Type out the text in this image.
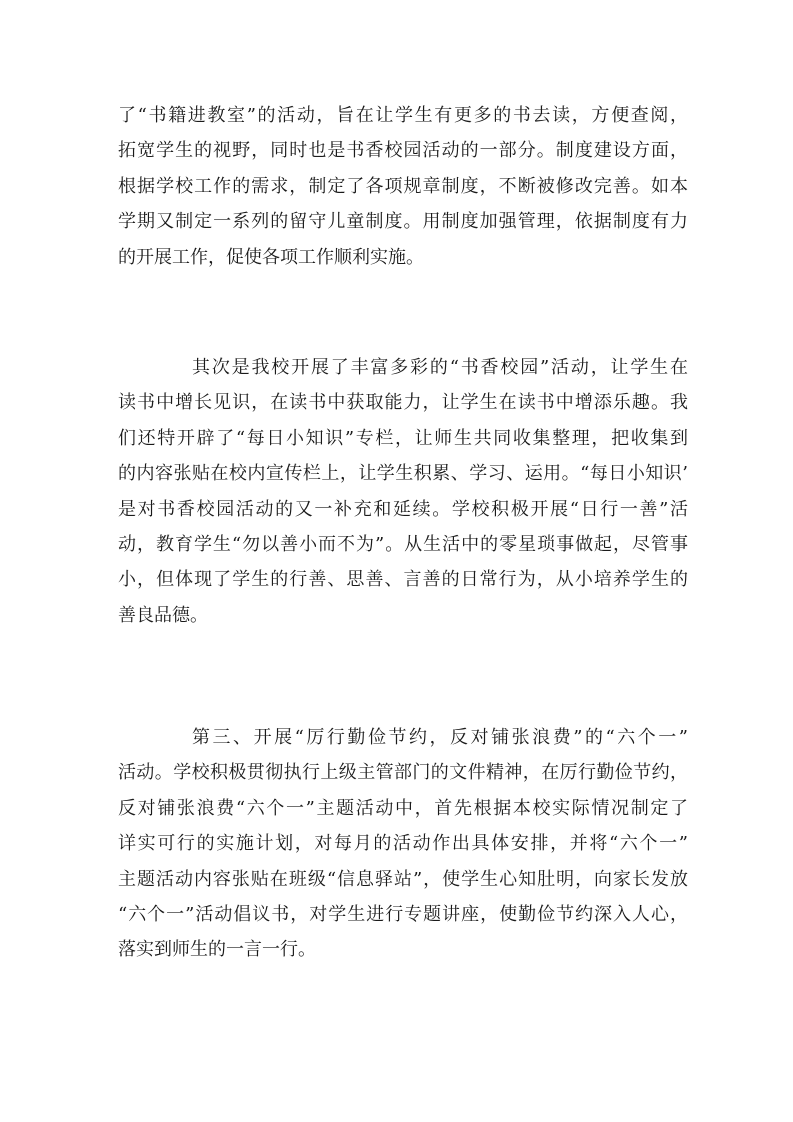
了“书籍进教室”的活动，旨在让学生有更多的书去读，方便查阅，
拓宽学生的视野，同时也是书香校园活动的一部分。制度建设方面，
根据学校工作的需求，制定了各项规章制度，不断被修改完善。如本
学期又制定一系列的留守儿童制度。用制度加强管理，依据制度有力
的开展工作，促使各项工作顺利实施。
其次是我校开展了丰富多彩的“书香校园”活动，让学生在
读书中增长见识，在读书中获取能力，让学生在读书中增添乐趣。我
们还特开辟了“每日小知识”专栏，让师生共同收集整理，把收集到
的内容张贴在校内宣传栏上，让学生积累、学习、运用。“每日小知识’
是对书香校园活动的又一补充和延续。学校积极开展“日行一善”活
动，教育学生“勿以善小而不为”。从生活中的零星琐事做起，尽管事
小，但体现了学生的行善、思善、言善的日常行为，从小培养学生的
善良品德。
第三、开展“厉行勤俭节约，反对铺张浪费”的“六个一”
活动。学校积极贯彻执行上级主管部门的文件精神，在厉行勤俭节约，
反对铺张浪费“六个一”主题活动中，首先根据本校实际情况制定了
详实可行的实施计划，对每月的活动作出具体安排，并将“六个一”
主题活动内容张贴在班级“信息驿站”，使学生心知肚明，向家长发放
“六个一”活动倡议书，对学生进行专题讲座，使勤俭节约深入人心，
落实到师生的一言一行。
